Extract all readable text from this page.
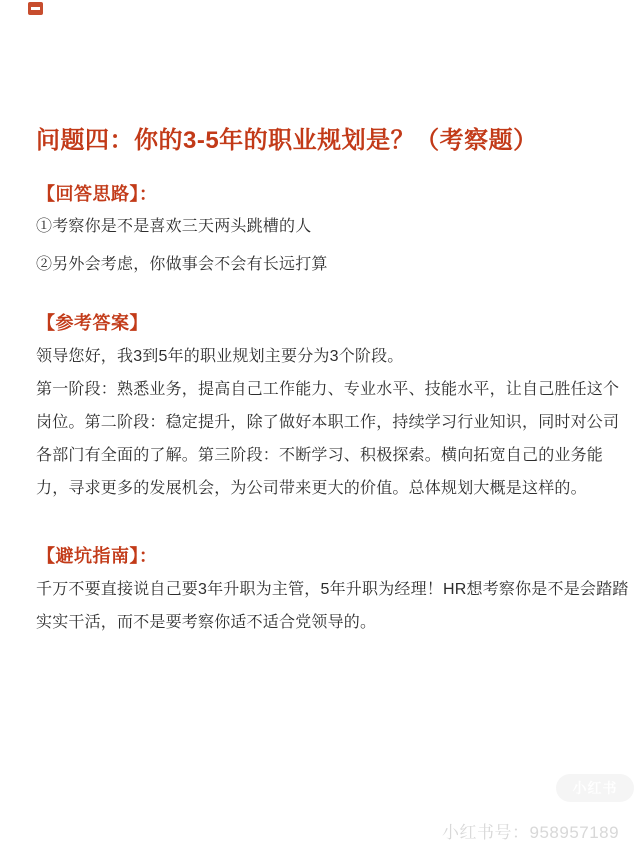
问题四：你的3-5年的职业规划是？（考察题）
【回答思路】：
①考察你是不是喜欢三天两头跳槽的人
②另外会考虑，你做事会不会有长远打算
【参考答案】
领导您好，我3到5年的职业规划主要分为3个阶段。
第一阶段：熟悉业务，提高自己工作能力、专业水平、技能水平，让自己胜任这个
岗位。第二阶段：稳定提升，除了做好本职工作，持续学习行业知识，同时对公司
各部门有全面的了解。第三阶段：不断学习、积极探索。横向拓宽自己的业务能
力，寻求更多的发展机会，为公司带来更大的价值。总体规划大概是这样的。
【避坑指南】：
千万不要直接说自己要3年升职为主管，5年升职为经理！HR想考察你是不是会踏踏
实实干活，而不是要考察你适不适合党领导的。
小红书
小红书号：958957189
